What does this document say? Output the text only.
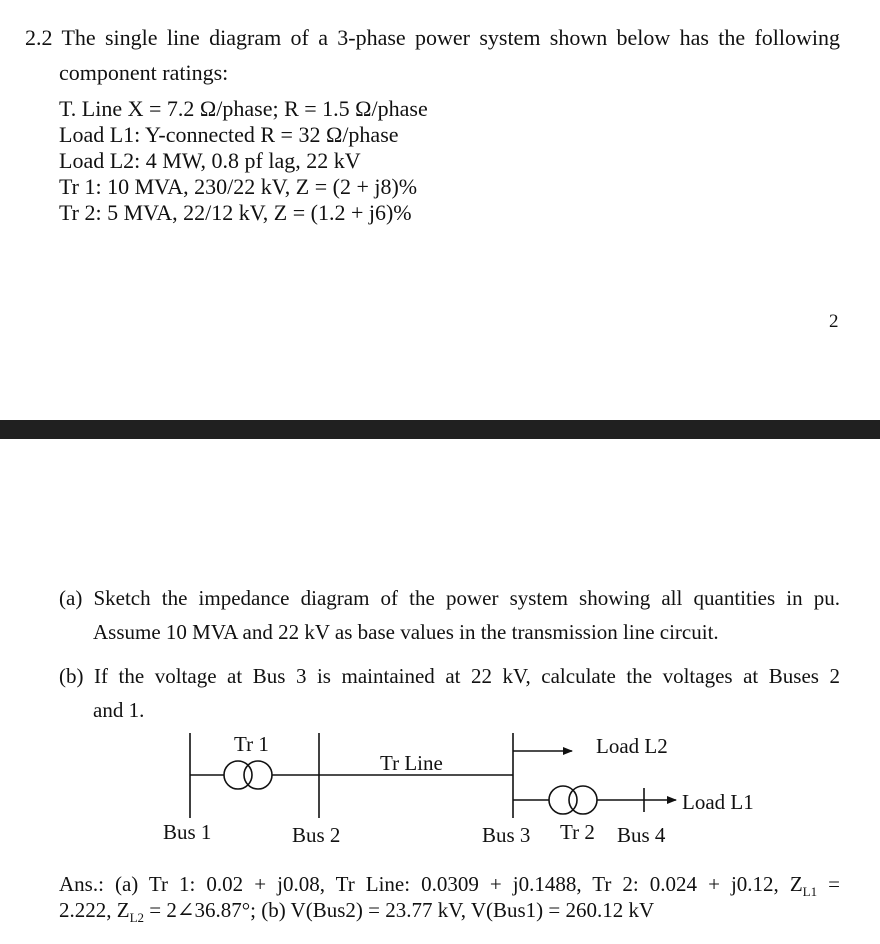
2.2 The single line diagram of a 3-phase power system shown below has the following
component ratings:
T. Line X = 7.2 Ω/phase; R = 1.5 Ω/phase
Load L1: Y-connected R = 32 Ω/phase
Load L2: 4 MW, 0.8 pf lag, 22 kV
Tr 1: 10 MVA, 230/22 kV, Z = (2 + j8)%
Tr 2: 5 MVA, 22/12 kV, Z = (1.2 + j6)%
2
(a) Sketch the impedance diagram of the power system showing all quantities in pu.
Assume 10 MVA and 22 kV as base values in the transmission line circuit.
(b) If the voltage at Bus 3 is maintained at 22 kV, calculate the voltages at Buses 2
and 1.
Tr 1
Tr Line
Load L2
Load L1
Bus 1	Bus 2	Bus 3 Tr 2 Bus 4
Ans.: (a) Tr 1: 0.02 + j0.08, Tr Line: 0.0309 + j0.1488, Tr 2: 0.024 + j0.12, $Z_{L1}$ =
2.222, $Z_{L2}$ = 2∠36.87°; (b) V(Bus2) = 23.77 kV, V(Bus1) = 260.12 kV
